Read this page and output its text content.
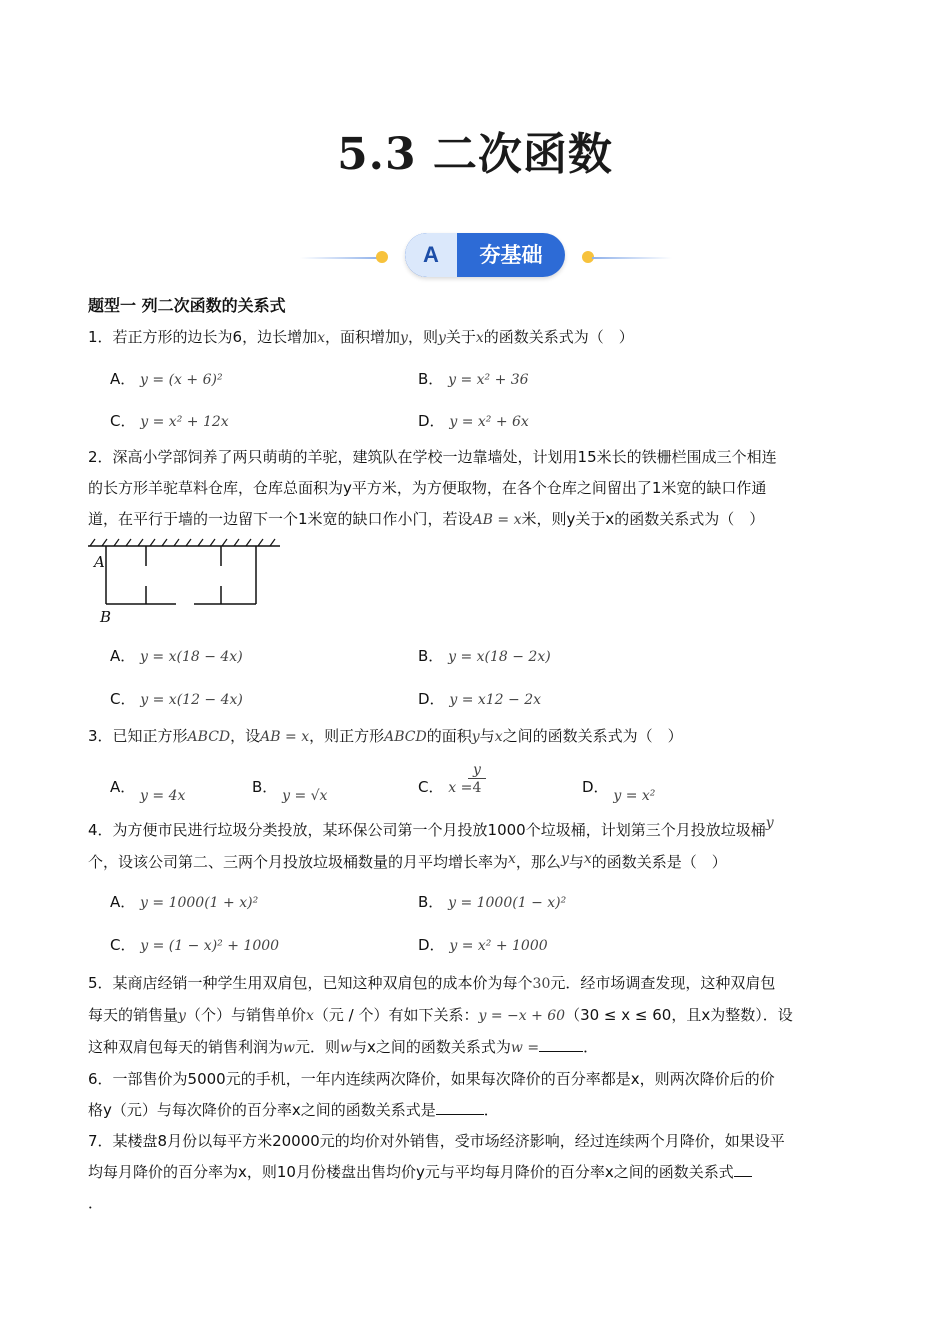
5.3 二次函数
A	夯基础
题型一 列二次函数的关系式
1．若正方形的边长为6，边长增加x，面积增加y，则y关于x的函数关系式为（　）
A． y = (x + 6)²	B． y = x² + 36
C． y = x² + 12x	D． y = x² + 6x
2．深高小学部饲养了两只萌萌的羊驼，建筑队在学校一边靠墙处，计划用15米长的铁栅栏围成三个相连
的长方形羊驼草料仓库，仓库总面积为y平方米，为方便取物，在各个仓库之间留出了1米宽的缺口作通
道，在平行于墙的一边留下一个1米宽的缺口作小门，若设AB = x米，则y关于x的函数关系式为（　）
A
B
A． y = x(18 − 4x)	B． y = x(18 − 2x)
C． y = x(12 − 4x)	D． y = x12 − 2x
3．已知正方形ABCD，设AB = x，则正方形ABCD的面积y与x之间的函数关系式为（　）
A． y = 4x	B． y = √x	C． x =
y
4	D． y = x²
4．为方便市民进行垃圾分类投放，某环保公司第一个月投放1000个垃圾桶，计划第三个月投放垃圾桶y
个，设该公司第二、三两个月投放垃圾桶数量的月平均增长率为x，那么y与x的函数关系是（　）
A． y = 1000(1 + x)²	B． y = 1000(1 − x)²
C． y = (1 − x)² + 1000	D． y = x² + 1000
5．某商店经销一种学生用双肩包，已知这种双肩包的成本价为每个30元．经市场调查发现，这种双肩包
每天的销售量y（个）与销售单价x（元 / 个）有如下关系：y = −x + 60（30 ≤ x ≤ 60，且x为整数）．设
这种双肩包每天的销售利润为w元．则w与x之间的函数关系式为w =	．
6．一部售价为5000元的手机，一年内连续两次降价，如果每次降价的百分率都是x，则两次降价后的价
格y（元）与每次降价的百分率x之间的函数关系式是	．
7．某楼盘8月份以每平方米20000元的均价对外销售，受市场经济影响，经过连续两个月降价，如果设平
均每月降价的百分率为x，则10月份楼盘出售均价y元与平均每月降价的百分率x之间的函数关系式
．
